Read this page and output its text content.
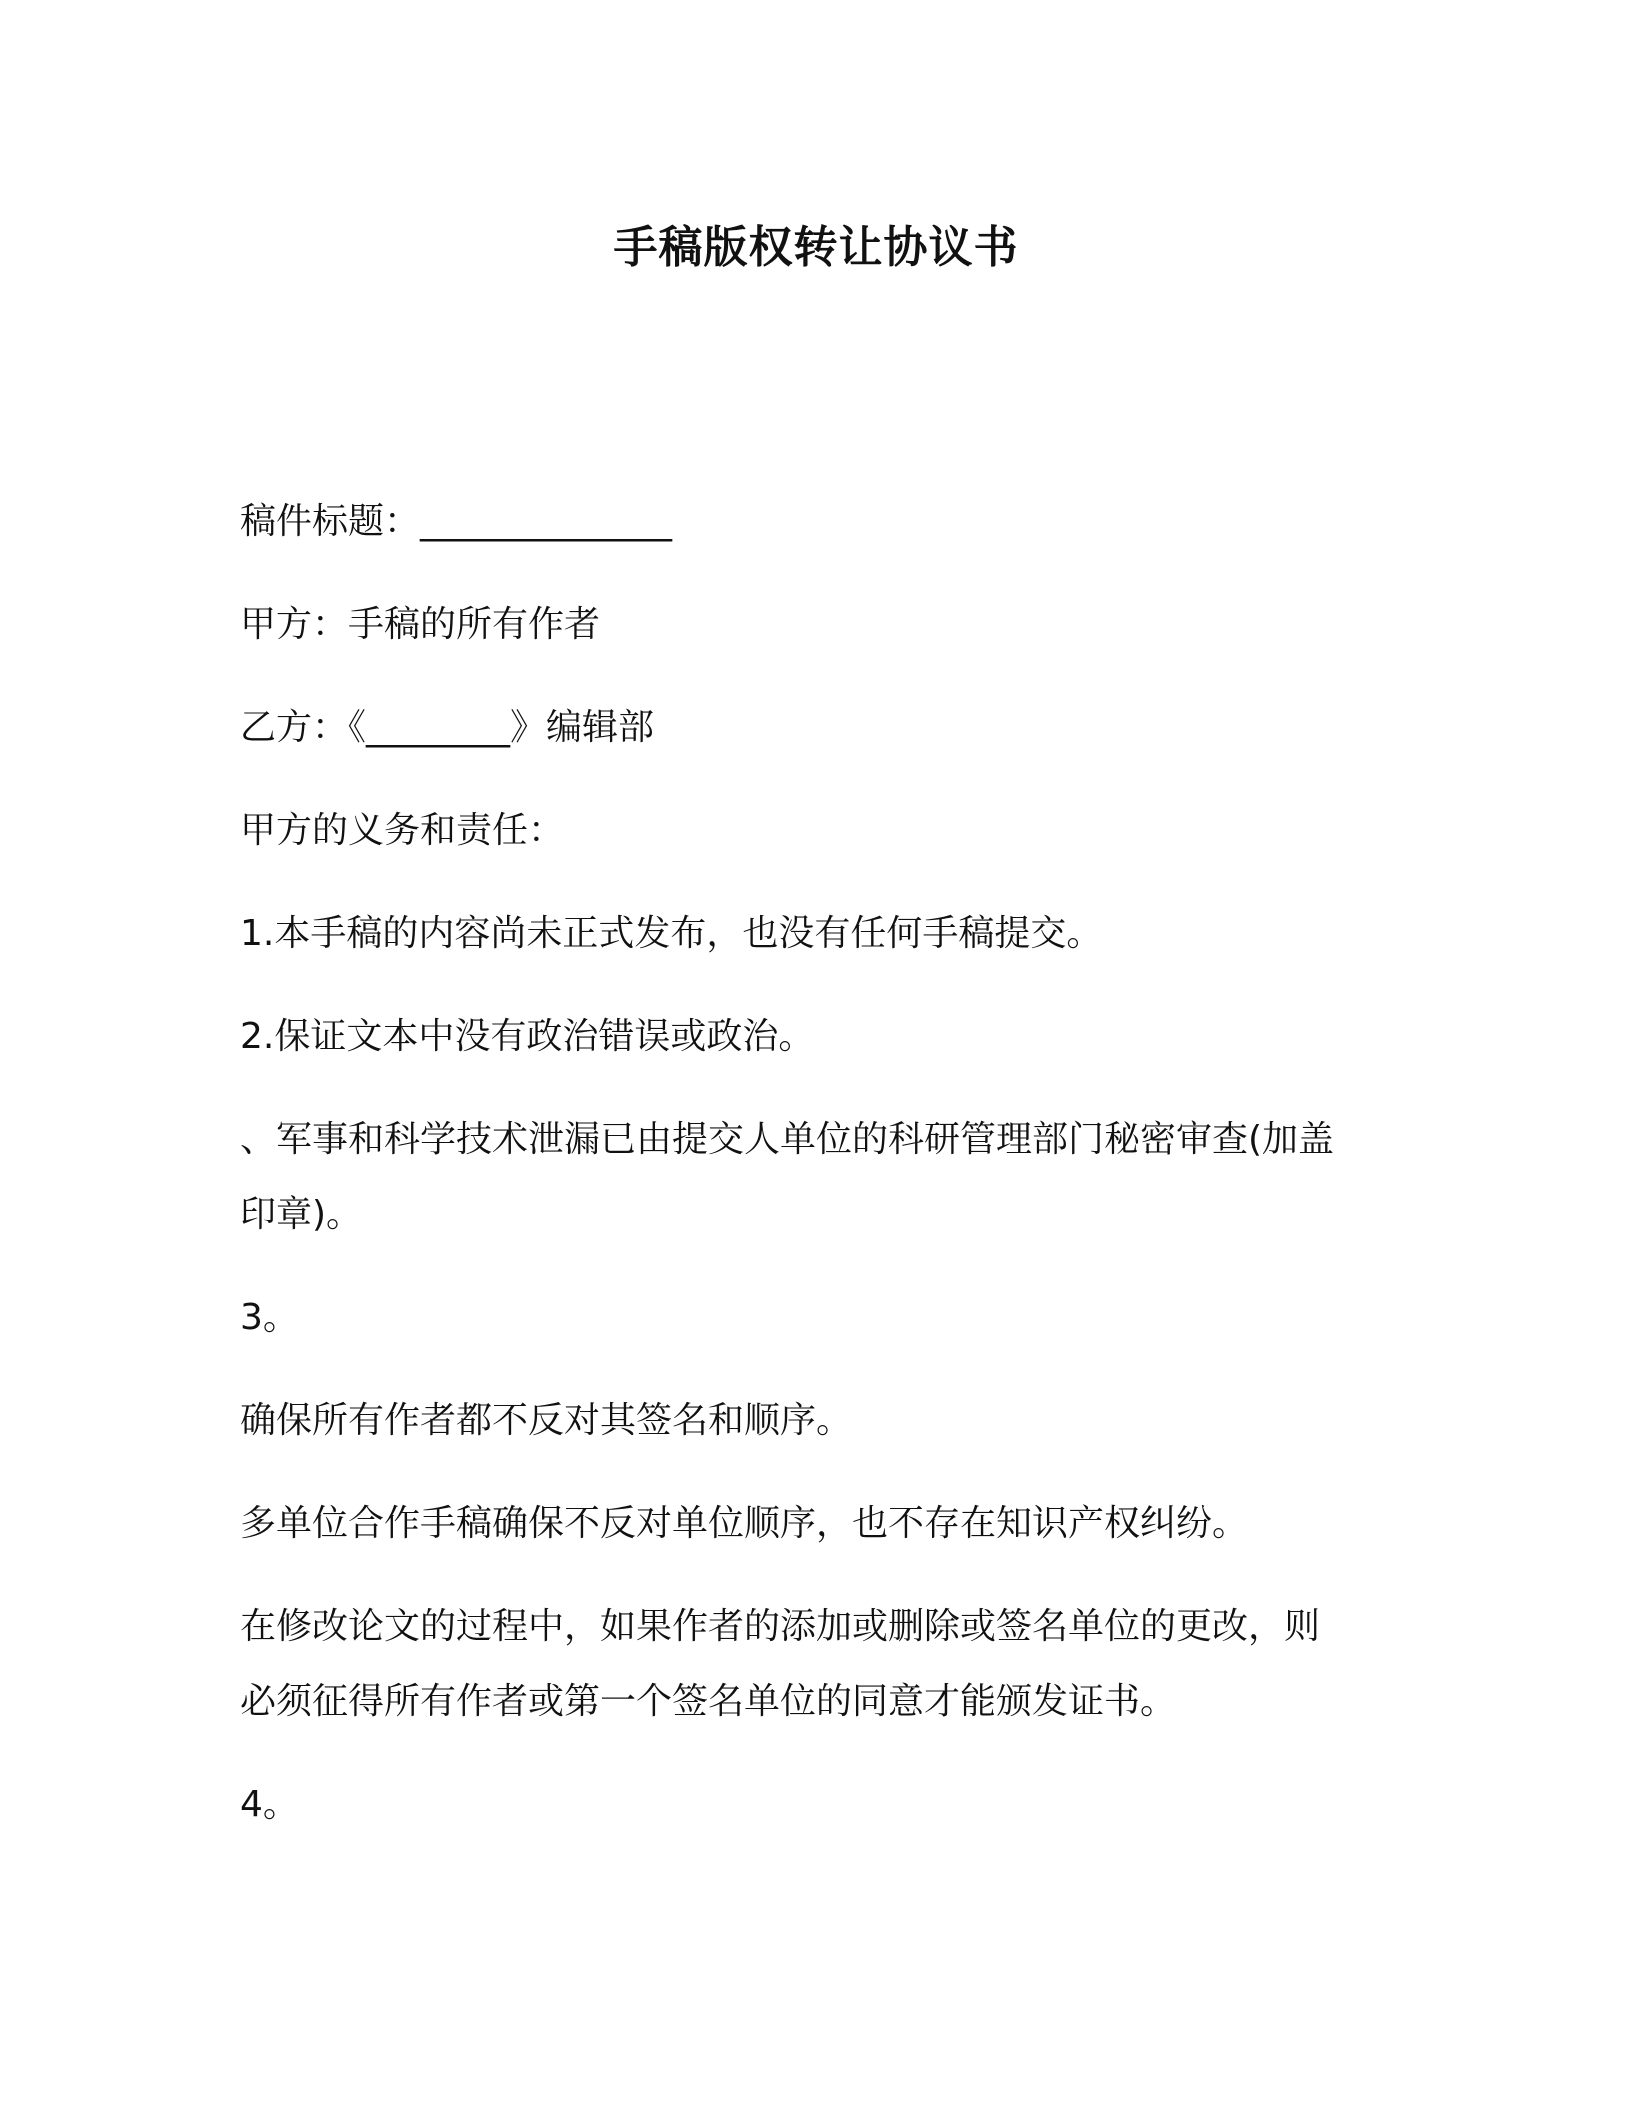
手稿版权转让协议书
稿件标题：______________
甲方：手稿的所有作者
乙方：《________》编辑部
甲方的义务和责任：
1.本手稿的内容尚未正式发布，也没有任何手稿提交。
2.保证文本中没有政治错误或政治。
、军事和科学技术泄漏已由提交人单位的科研管理部门秘密审查(加盖
印章)。
3。
确保所有作者都不反对其签名和顺序。
多单位合作手稿确保不反对单位顺序，也不存在知识产权纠纷。
在修改论文的过程中，如果作者的添加或删除或签名单位的更改，则
必须征得所有作者或第一个签名单位的同意才能颁发证书。
4。
